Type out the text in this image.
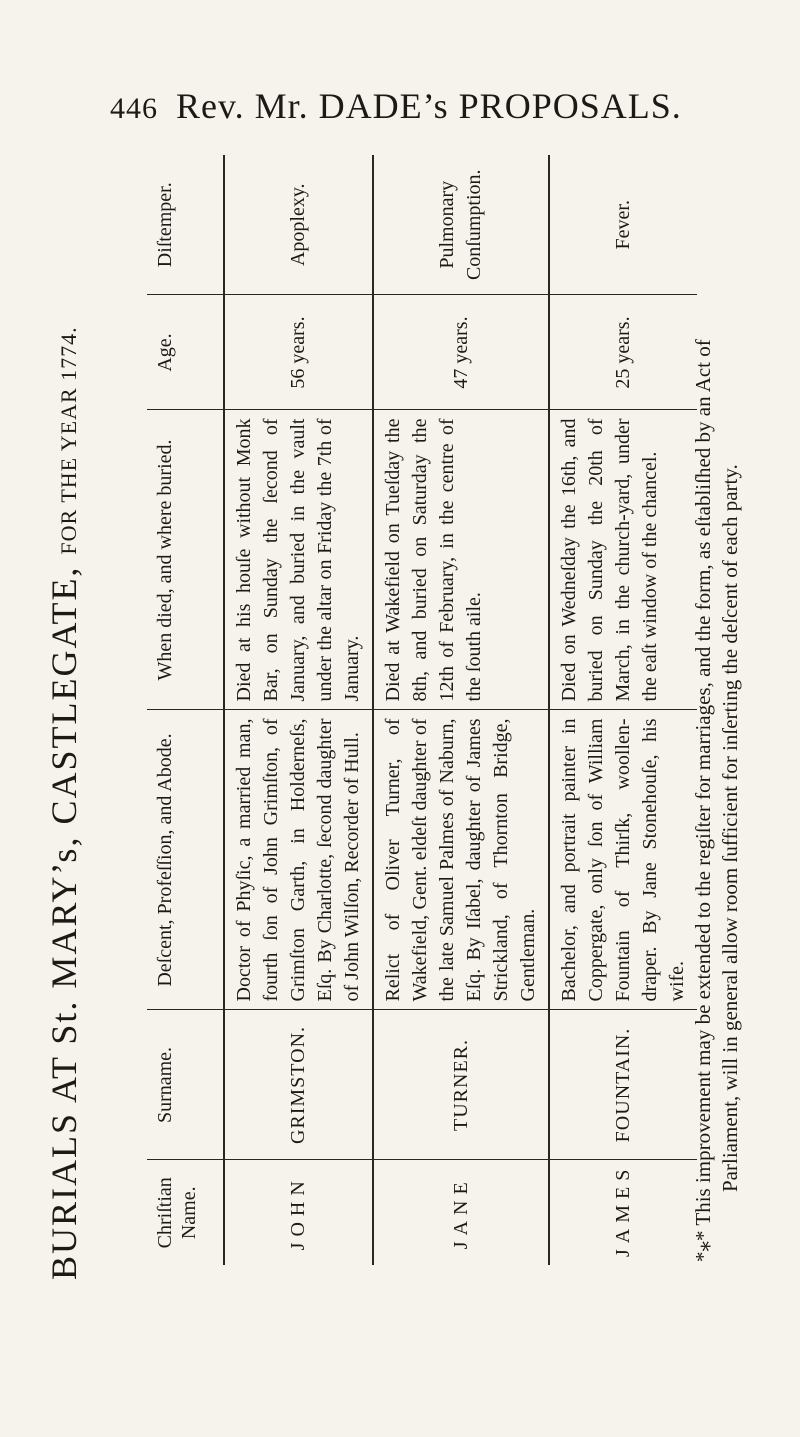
446 Rev. Mr. DADE’s PROPOSALS.
BURIALS AT St. MARY’s, CASTLEGATE, FOR THE YEAR 1774.
Chriſtian Name.	Surname.	Deſcent, Profeſſion, and Abode.	When died, and where buried.	Age.	Diſtemper.
JOHN	GRIMSTON.	Doctor of Phyſic, a married man, fourth ſon of John Grimſton, of Grimſton Garth, in Holderneſs, Eſq. By Charlotte, ſecond daughter of John Wilſon, Recorder of Hull.	Died at his houſe without Monk Bar, on Sunday the ſecond of January, and buried in the vault under the altar on Friday the 7th of January.	56 years.	Apoplexy.
JANE	TURNER.	Relict of Oliver Turner, of Wakefield, Gent. eldeſt daughter of the late Samuel Palmes of Naburn, Eſq. By Iſabel, daughter of James Strickland, of Thornton Bridge, Gentleman.	Died at Wakefield on Tueſday the 8th, and buried on Saturday the 12th of February, in the centre of the ſouth aile.	47 years.	Pulmonary Conſumption.
JAMES	FOUNTAIN.	Bachelor, and portrait painter in Coppergate, only ſon of William Fountain of Thirſk, woollen-draper. By Jane Stonehouſe, his wife.	Died on Wedneſday the 16th, and buried on Sunday the 20th of March, in the church-yard, under the eaſt window of the chancel.	25 years.	Fever.

*⁎* This improvement may be extended to the regiſter for marriages, and the form, as eſtabliſhed by an Act of Parliament, will in general allow room ſufficient for inſerting the deſcent of each party.
